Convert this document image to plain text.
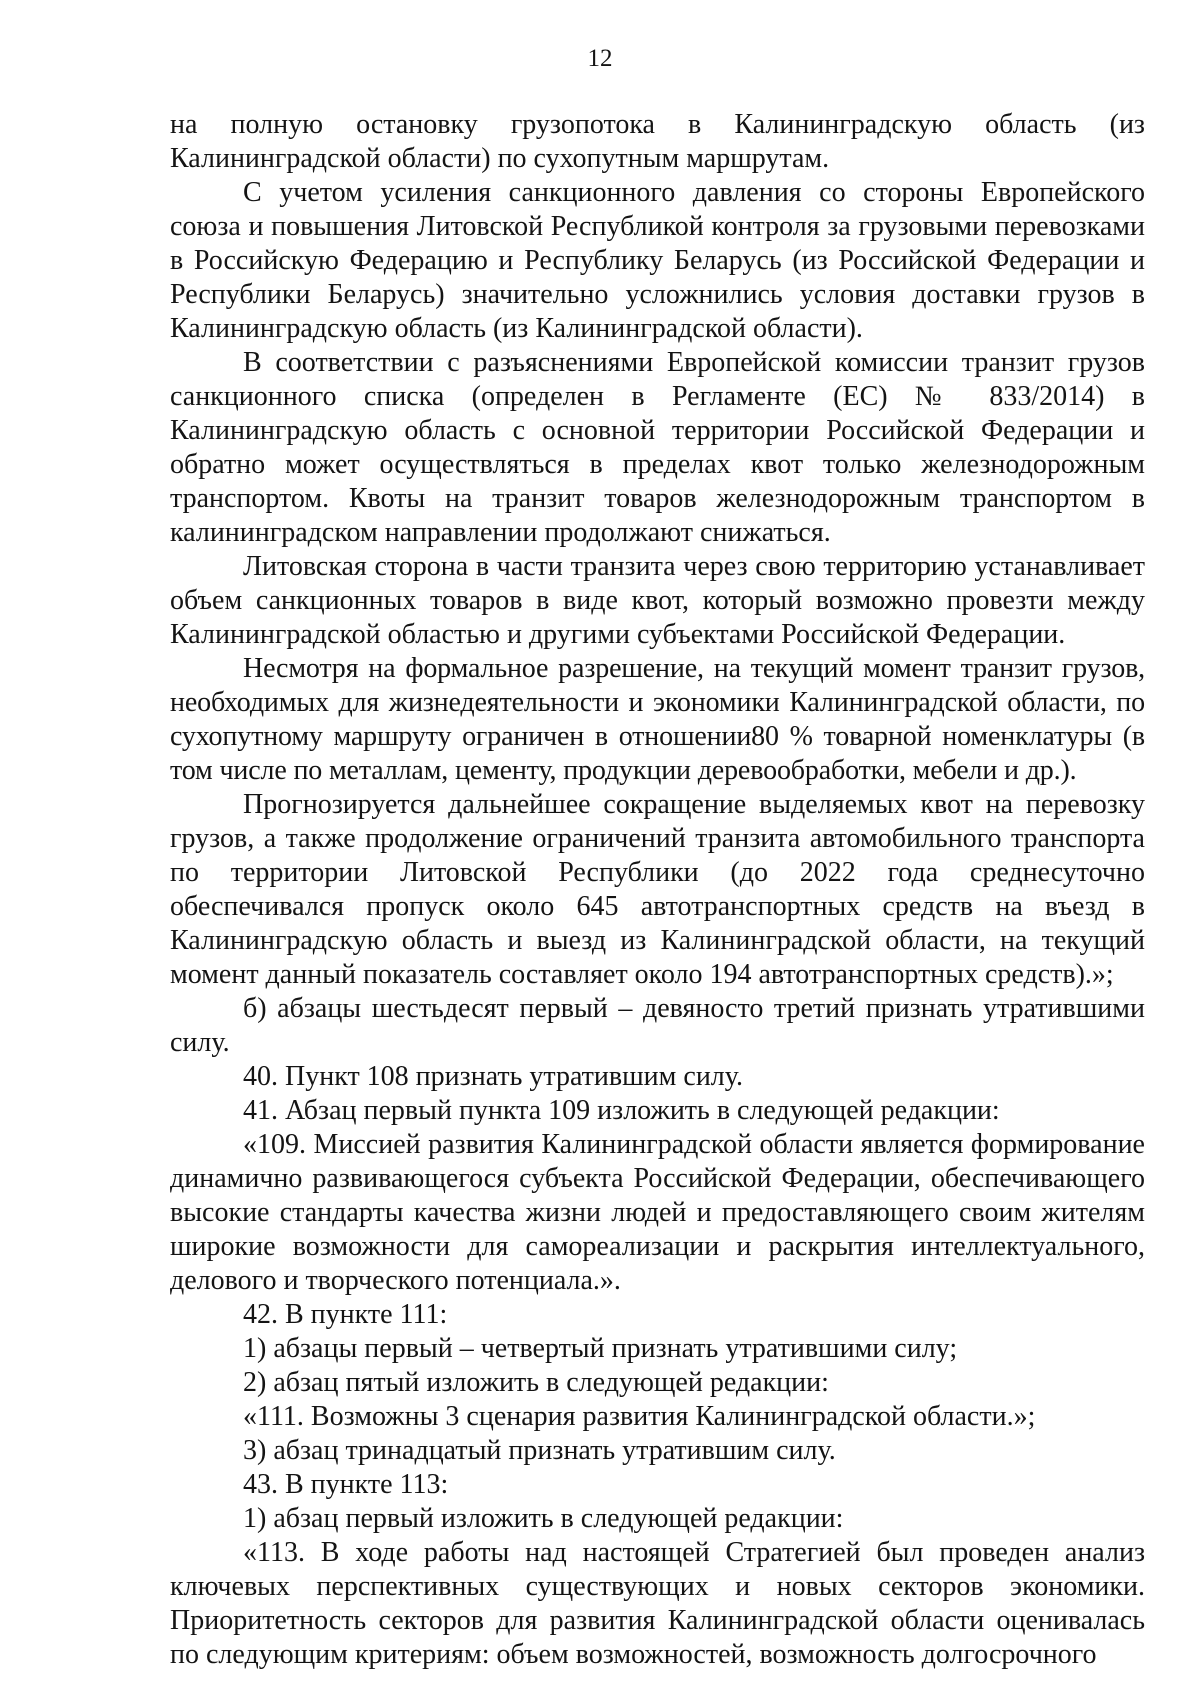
12

на полную остановку грузопотока в Калининградскую область (из Калининградской области) по сухопутным маршрутам.

С учетом усиления санкционного давления со стороны Европейского союза и повышения Литовской Республикой контроля за грузовыми перевозками в Российскую Федерацию и Республику Беларусь (из Российской Федерации и Республики Беларусь) значительно усложнились условия доставки грузов в Калининградскую область (из Калининградской области).

В соответствии с разъяснениями Европейской комиссии транзит грузов санкционного списка (определен в Регламенте (ЕС) № 833/2014) в Калининградскую область с основной территории Российской Федерации и обратно может осуществляться в пределах квот только железнодорожным транспортом. Квоты на транзит товаров железнодорожным транспортом в калининградском направлении продолжают снижаться.

Литовская сторона в части транзита через свою территорию устанавливает объем санкционных товаров в виде квот, который возможно провезти между Калининградской областью и другими субъектами Российской Федерации.

Несмотря на формальное разрешение, на текущий момент транзит грузов, необходимых для жизнедеятельности и экономики Калининградской области, по сухопутному маршруту ограничен в отношении80 % товарной номенклатуры (в том числе по металлам, цементу, продукции деревообработки, мебели и др.).

Прогнозируется дальнейшее сокращение выделяемых квот на перевозку грузов, а также продолжение ограничений транзита автомобильного транспорта по территории Литовской Республики (до 2022 года среднесуточно обеспечивался пропуск около 645 автотранспортных средств на въезд в Калининградскую область и выезд из Калининградской области, на текущий момент данный показатель составляет около 194 автотранспортных средств).»;

б) абзацы шестьдесят первый – девяносто третий признать утратившими силу.

40. Пункт 108 признать утратившим силу.

41. Абзац первый пункта 109 изложить в следующей редакции:

«109. Миссией развития Калининградской области является формирование динамично развивающегося субъекта Российской Федерации, обеспечивающего высокие стандарты качества жизни людей и предоставляющего своим жителям широкие возможности для самореализации и раскрытия интеллектуального, делового и творческого потенциала.».

42. В пункте 111:

1) абзацы первый – четвертый признать утратившими силу;

2) абзац пятый изложить в следующей редакции:

«111. Возможны 3 сценария развития Калининградской области.»;

3) абзац тринадцатый признать утратившим силу.

43. В пункте 113:

1) абзац первый изложить в следующей редакции:

«113. В ходе работы над настоящей Стратегией был проведен анализ ключевых перспективных существующих и новых секторов экономики. Приоритетность секторов для развития Калининградской области оценивалась по следующим критериям: объем возможностей, возможность долгосрочного
